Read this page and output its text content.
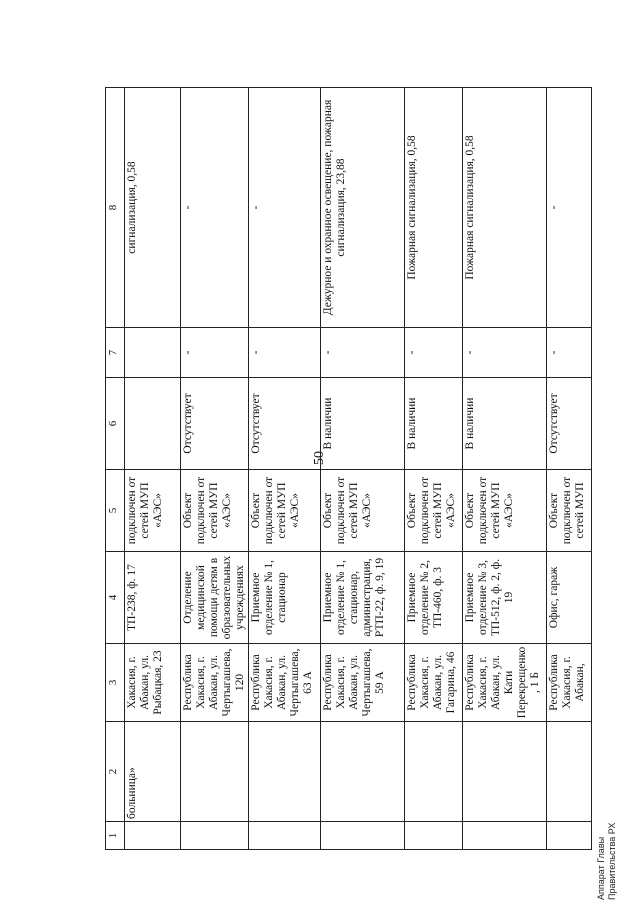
50
Аппарат Главы Правительства РХ
1	2	3	4	5	6	7	8
	больница»	Хакасия, г. Абакан, ул. Рыбацкая, 23	ТП-238, ф. 17	подключен от сетей МУП «АЭС»			сигнализация, 0,58
		Республика Хакасия, г. Абакан, ул. Чертыгашева, 120	Отделение медицинской помощи детям в образовательных учреждениях	Объект подключен от сетей МУП «АЭС»	Отсутствует	-	-
		Республика Хакасия, г. Абакан, ул. Чертыгашева, 63 А	Приемное отделение № 1, стационар	Объект подключен от сетей МУП «АЭС»	Отсутствует	-	-
		Республика Хакасия, г. Абакан, ул. Чертыгашева, 59 А	Приемное отделение № 1, стационар, администрация, РТП-22, ф. 9, 19	Объект подключен от сетей МУП «АЭС»	В наличии	-	Дежурное и охранное освещение, пожарная сигнализация, 23,88
		Республика Хакасия, г. Абакан, ул. Гагарина, 46	Приемное отделение № 2, ТП-460, ф. 3	Объект подключен от сетей МУП «АЭС»	В наличии	-	Пожарная сигнализация, 0,58
		Республика Хакасия, г. Абакан, ул. Кати Перекрещенко, 1 Б	Приемное отделение № 3, ТП-512, ф. 2, ф. 19	Объект подключен от сетей МУП «АЭС»	В наличии	-	Пожарная сигнализация, 0,58
		Республика Хакасия, г. Абакан,	Офис, гараж	Объект подключен от сетей МУП	Отсутствует	-	-
